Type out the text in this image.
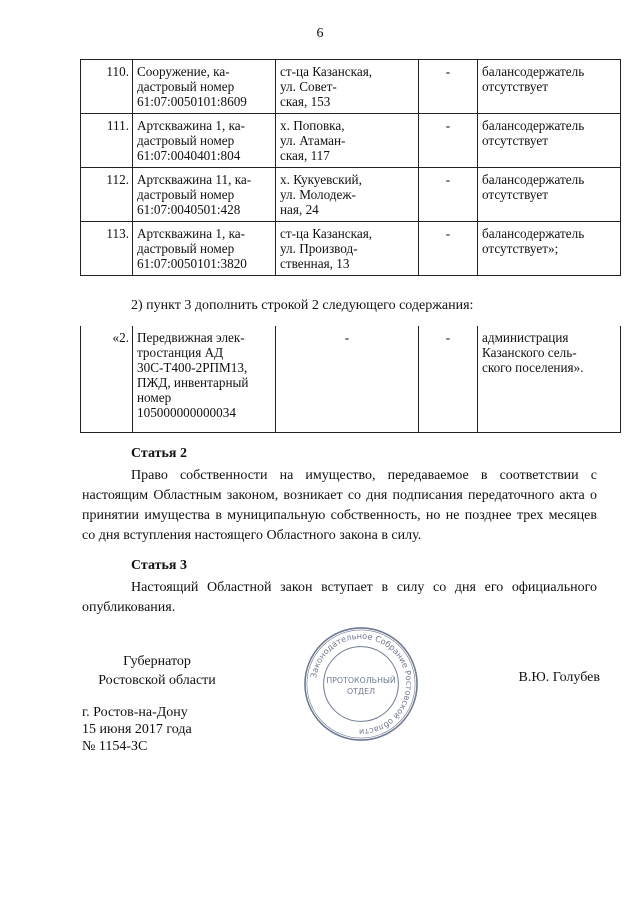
6
110.	Сооружение, ка-
дастровый номер
61:07:0050101:8609	ст-ца Казанская,
ул. Совет-
ская, 153	-	балансодержатель
отсутствует
111.	Артскважина 1, ка-
дастровый номер
61:07:0040401:804	х. Поповка,
ул. Атаман-
ская, 117	-	балансодержатель
отсутствует
112.	Артскважина 11, ка-
дастровый номер
61:07:0040501:428	х. Кукуевский,
ул. Молодеж-
ная, 24	-	балансодержатель
отсутствует
113.	Артскважина 1, ка-
дастровый номер
61:07:0050101:3820	ст-ца Казанская,
ул. Производ-
ственная, 13	-	балансодержатель
отсутствует»;
2) пункт 3 дополнить строкой 2 следующего содержания:
«2.	Передвижная элек-
тростанция АД
30С-Т400-2РПМ13,
ПЖД, инвентарный
номер
105000000000034	-	-	администрация
Казанского сель-
ского поселения».
Статья 2
Право собственности на имущество, передаваемое в соответствии с настоящим Областным законом, возникает со дня подписания передаточного акта о принятии имущества в муниципальную собственность, но не позднее трех месяцев со дня вступления настоящего Областного закона в силу.
Статья 3
Настоящий Областной закон вступает в силу со дня его официального опубликования.
Губернатор
Ростовской области	В.Ю. Голубев
г. Ростов-на-Дону
15 июня 2017 года
№ 1154-ЗС
Законодательное Собрание Ростовской области
ПРОТОКОЛЬНЫЙ
ОТДЕЛ
